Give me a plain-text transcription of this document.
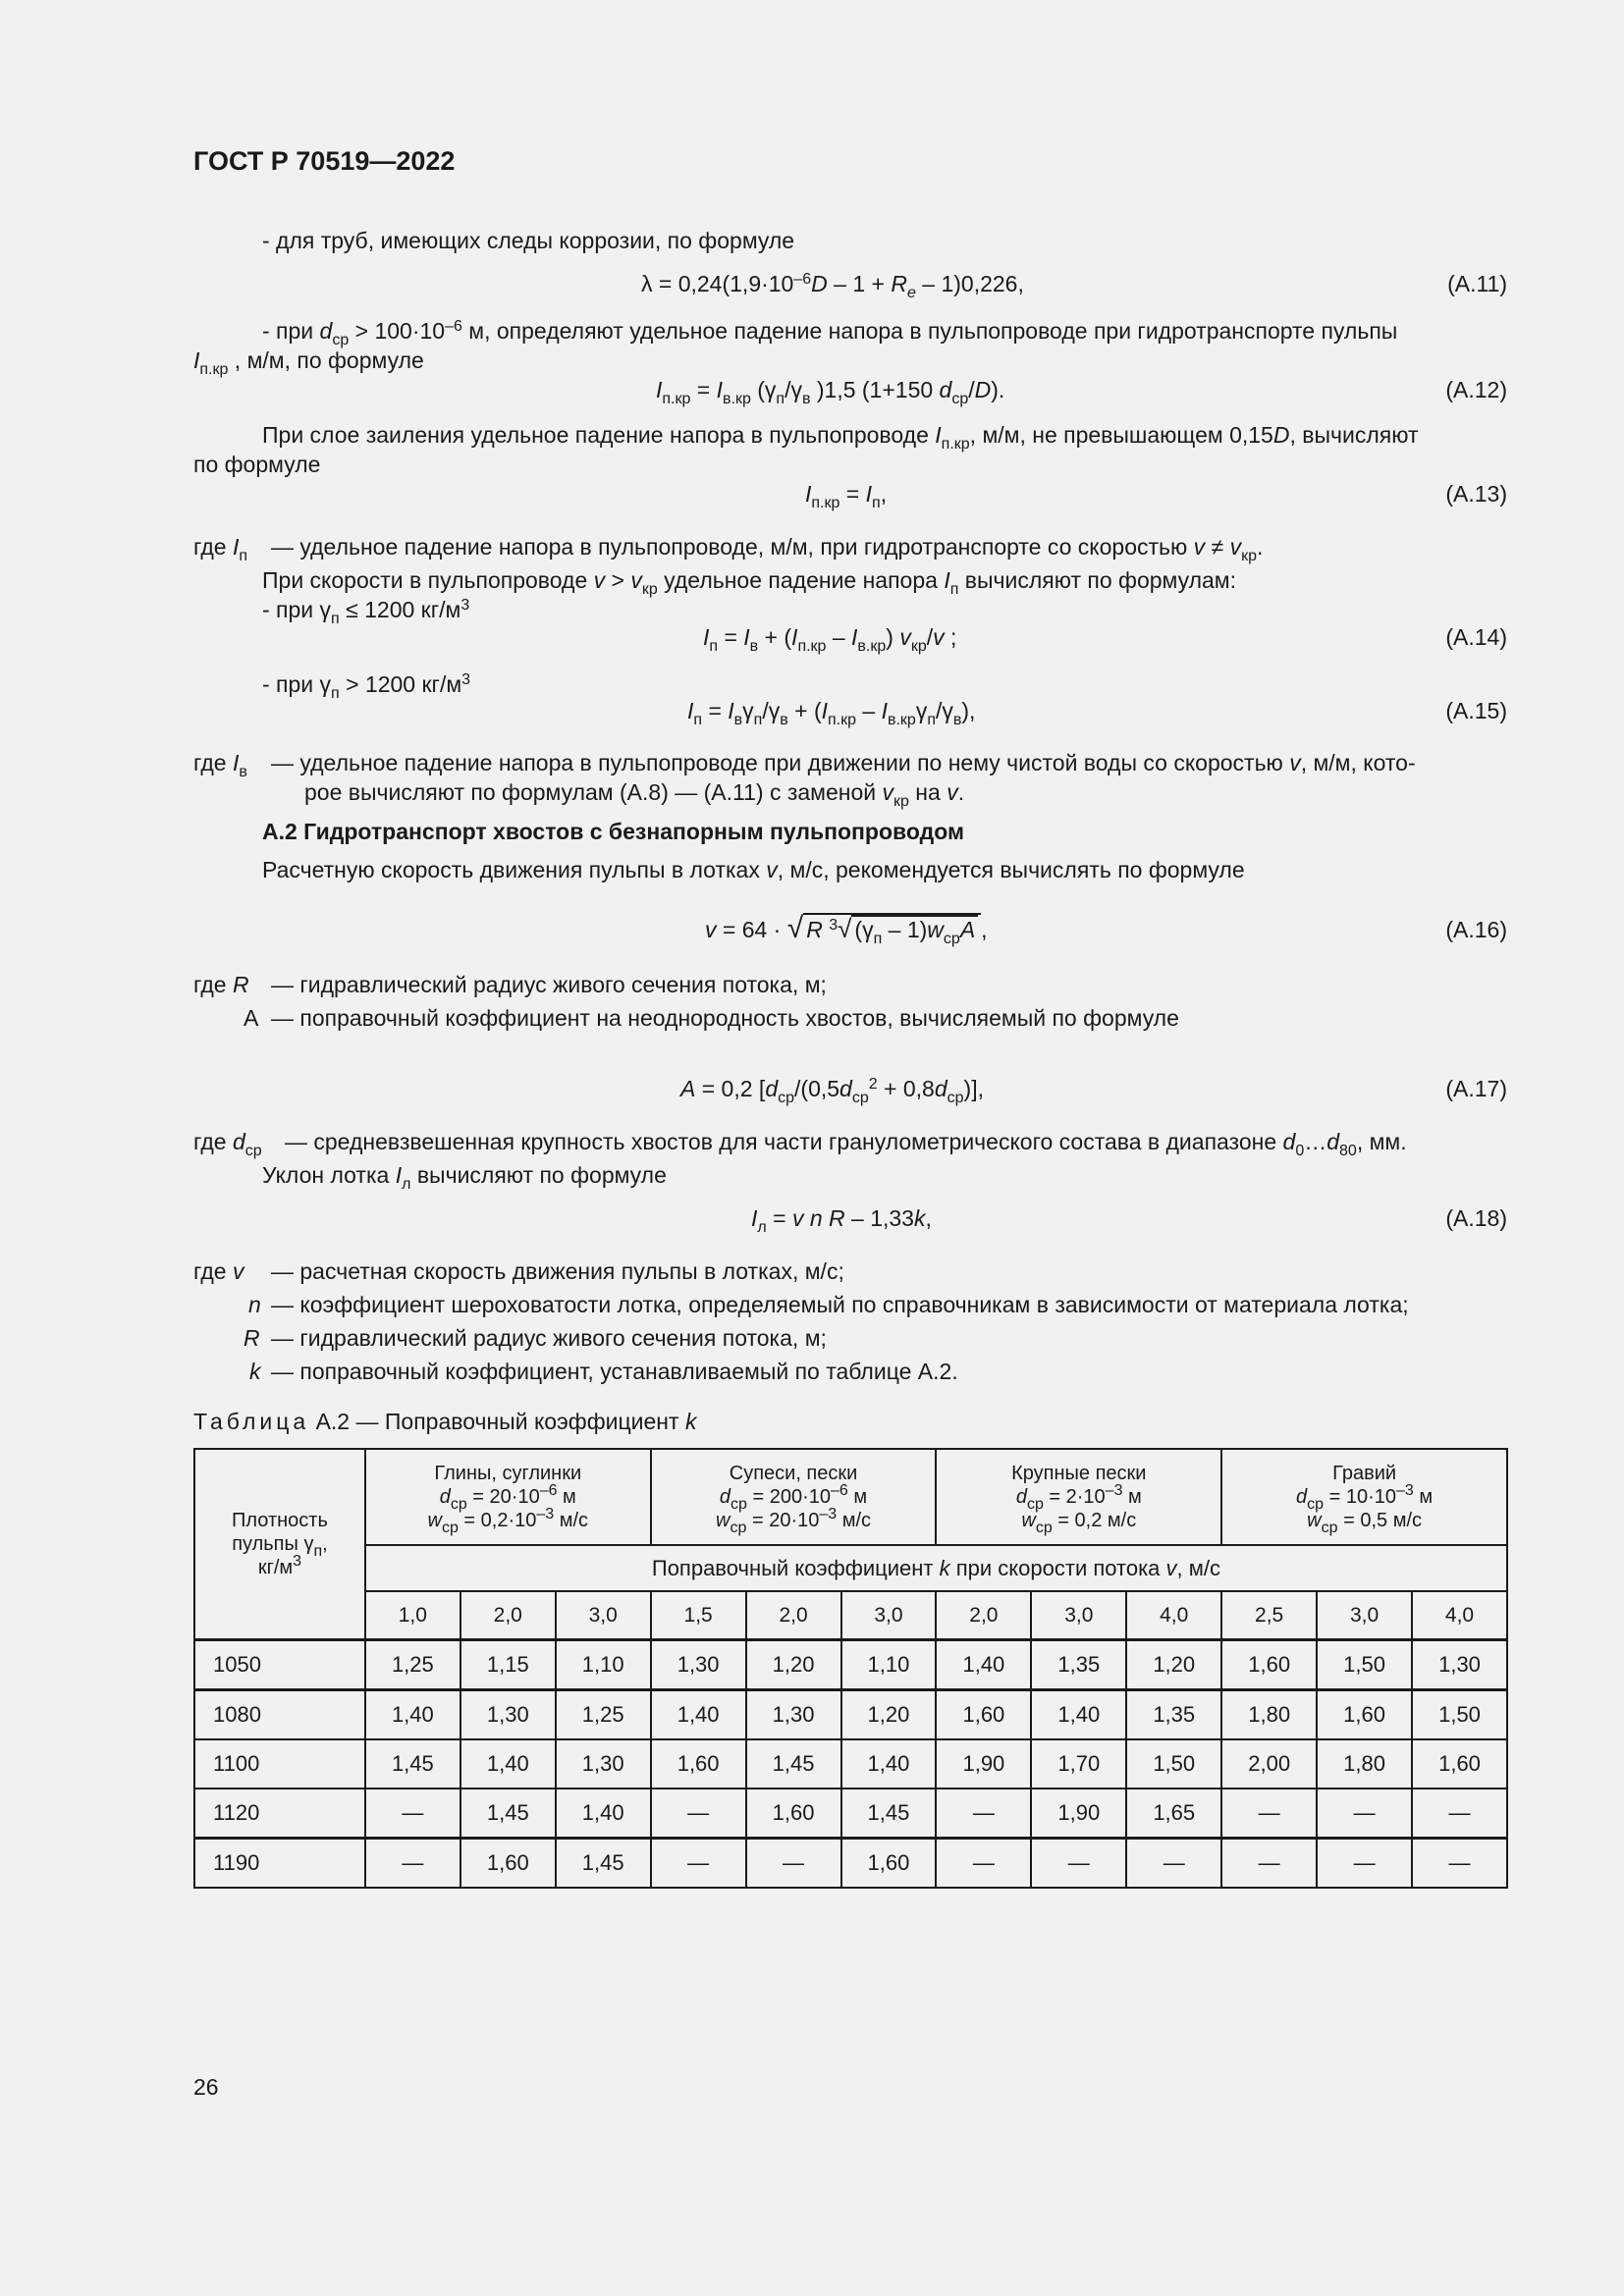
ГОСТ Р 70519—2022
- для труб, имеющих следы коррозии, по формуле
$\lambda = 0,24(1,9\cdot 10^{-6}D - 1 + R_e - 1)0,226$,	(А.11)
- при $d_{ср} > 100\cdot 10^{-6}$ м, определяют удельное падение напора в пульпопроводе при гидротранспорте пульпы
$I_{п.кр}$ , м/м, по формуле
$I_{п.кр} = I_{в.кр}$ ($\gamma_п/\gamma_в$ )1,5 (1+150 $d_{ср}/D$).	(А.12)
При слое заиления удельное падение напора в пульпопроводе $I_{п.кр}$, м/м, не превышающем 0,15D, вычисляют
по формуле
$I_{п.кр} = I_п$,	(А.13)
где $I_п$ — удельное падение напора в пульпопроводе, м/м, при гидротранспорте со скоростью $v \ne v_{кр}$.
При скорости в пульпопроводе $v > v_{кр}$ удельное падение напора $I_п$ вычисляют по формулам:
- при $\gamma_п \le 1200$ $кг/м^3$
$I_п = I_в + (I_{п.кр} - I_{в.кр})$ $v_{кр}/v$ ;	(А.14)
- при $\gamma_п > 1200$ $кг/м^3$
$I_п = I_в\gamma_п/\gamma_в + (I_{п.кр} - I_{в.кр}\gamma_п/\gamma_в)$,	(А.15)
где $I_в$ — удельное падение напора в пульпопроводе при движении по нему чистой воды со скоростью v, м/м, кото-
рое вычисляют по формулам (А.8) — (А.11) с заменой $v_{кр}$ на v.
А.2 Гидротранспорт хвостов с безнапорным пульпопроводом
Расчетную скорость движения пульпы в лотках v, м/с, рекомендуется вычислять по формуле
v = 64 · √ R $^3$√ $(\gamma_п - 1)w_{ср}A$ ,	(А.16)
где R — гидравлический радиус живого сечения потока, м;
A — поправочный коэффициент на неоднородность хвостов, вычисляемый по формуле
A = 0,2 $[d_{ср}/(0,5d_{ср}^2 + 0,8d_{ср})]$,	(А.17)
где $d_{ср}$ — средневзвешенная крупность хвостов для части гранулометрического состава в диапазоне $d_0\dots d_{80}$, мм.
Уклон лотка $I_л$ вычисляют по формуле
$I_л = v$ n R – 1,33k,	(А.18)
где v — расчетная скорость движения пульпы в лотках, м/с;
n — коэффициент шероховатости лотка, определяемый по справочникам в зависимости от материала лотка;
R — гидравлический радиус живого сечения потока, м;
k — поправочный коэффициент, устанавливаемый по таблице А.2.
Таблица А.2 — Поправочный коэффициент k
Плотность
пульпы $\gamma_п$,
$кг/м^3$	Глины, суглинки
$d_{ср} = 20\cdot 10^{-6}$ м
$w_{ср} = 0,2\cdot 10^{-3}$ м/с			Супеси, пески
$d_{ср} = 200\cdot 10^{-6}$ м
$w_{ср} = 20\cdot 10^{-3}$ м/с			Крупные пески
$d_{ср} = 2\cdot 10^{-3}$ м
$w_{ср} = 0,2$ м/с			Гравий
$d_{ср} = 10\cdot 10^{-3}$ м
$w_{ср} = 0,5$ м/с		
	Поправочный коэффициент k при скорости потока v, м/с											
	1,0	2,0	3,0	1,5	2,0	3,0	2,0	3,0	4,0	2,5	3,0	4,0
1050	1,25	1,15	1,10	1,30	1,20	1,10	1,40	1,35	1,20	1,60	1,50	1,30
1080	1,40	1,30	1,25	1,40	1,30	1,20	1,60	1,40	1,35	1,80	1,60	1,50
1100	1,45	1,40	1,30	1,60	1,45	1,40	1,90	1,70	1,50	2,00	1,80	1,60
1120	—	1,45	1,40	—	1,60	1,45	—	1,90	1,65	—	—	—
1190	—	1,60	1,45	—	—	1,60	—	—	—	—	—	—
26
